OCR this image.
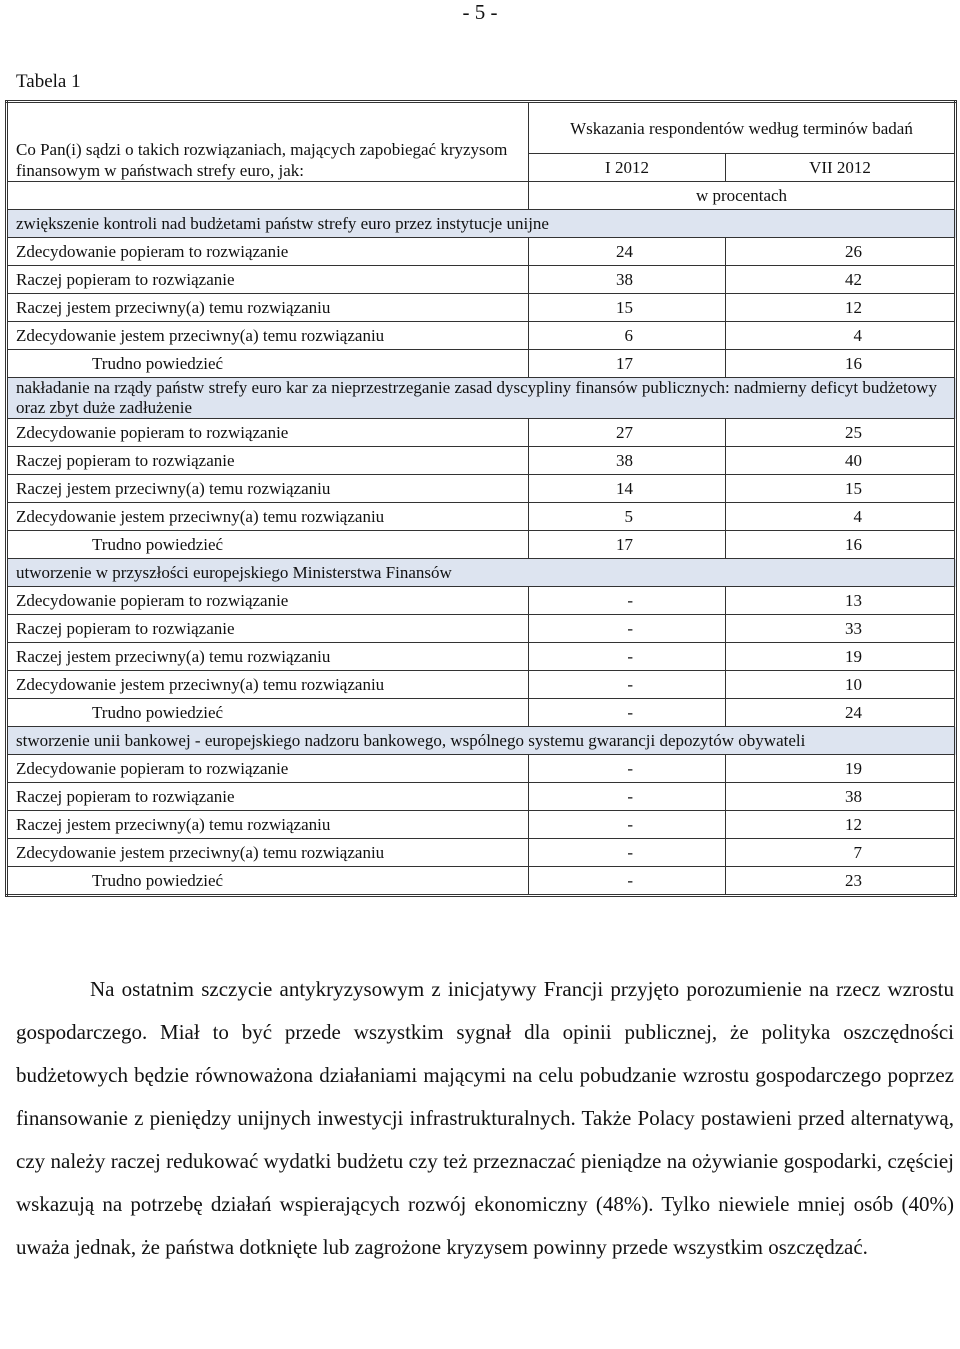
- 5 -
Tabela 1
Co Pan(i) sądzi o takich rozwiązaniach, mających zapobiegać kryzysom finansowym w państwach strefy euro, jak:	Wskazania respondentów według terminów badań	
	I 2012	VII 2012
	w procentach	
zwiększenie kontroli nad budżetami państw strefy euro przez instytucje unijne		
Zdecydowanie popieram to rozwiązanie	24	26
Raczej popieram to rozwiązanie	38	42
Raczej jestem przeciwny(a) temu rozwiązaniu	15	12
Zdecydowanie jestem przeciwny(a) temu rozwiązaniu	6	4
Trudno powiedzieć	17	16
nakładanie na rządy państw strefy euro kar za nieprzestrzeganie zasad dyscypliny finansów publicznych: nadmierny deficyt budżetowy oraz zbyt duże zadłużenie		
Zdecydowanie popieram to rozwiązanie	27	25
Raczej popieram to rozwiązanie	38	40
Raczej jestem przeciwny(a) temu rozwiązaniu	14	15
Zdecydowanie jestem przeciwny(a) temu rozwiązaniu	5	4
Trudno powiedzieć	17	16
utworzenie w przyszłości europejskiego Ministerstwa Finansów		
Zdecydowanie popieram to rozwiązanie	-	13
Raczej popieram to rozwiązanie	-	33
Raczej jestem przeciwny(a) temu rozwiązaniu	-	19
Zdecydowanie jestem przeciwny(a) temu rozwiązaniu	-	10
Trudno powiedzieć	-	24
stworzenie unii bankowej - europejskiego nadzoru bankowego, wspólnego systemu gwarancji depozytów obywateli		
Zdecydowanie popieram to rozwiązanie	-	19
Raczej popieram to rozwiązanie	-	38
Raczej jestem przeciwny(a) temu rozwiązaniu	-	12
Zdecydowanie jestem przeciwny(a) temu rozwiązaniu	-	7
Trudno powiedzieć	-	23

Na ostatnim szczycie antykryzysowym z inicjatywy Francji przyjęto porozumienie na rzecz wzrostu gospodarczego. Miał to być przede wszystkim sygnał dla opinii publicznej, że polityka oszczędności budżetowych będzie równoważona działaniami mającymi na celu pobudzanie wzrostu gospodarczego poprzez finansowanie z pieniędzy unijnych inwestycji infrastrukturalnych. Także Polacy postawieni przed alternatywą, czy należy raczej redukować wydatki budżetu czy też przeznaczać pieniądze na ożywianie gospodarki, częściej wskazują na potrzebę działań wspierających rozwój ekonomiczny (48%). Tylko niewiele mniej osób (40%) uważa jednak, że państwa dotknięte lub zagrożone kryzysem powinny przede wszystkim oszczędzać.
